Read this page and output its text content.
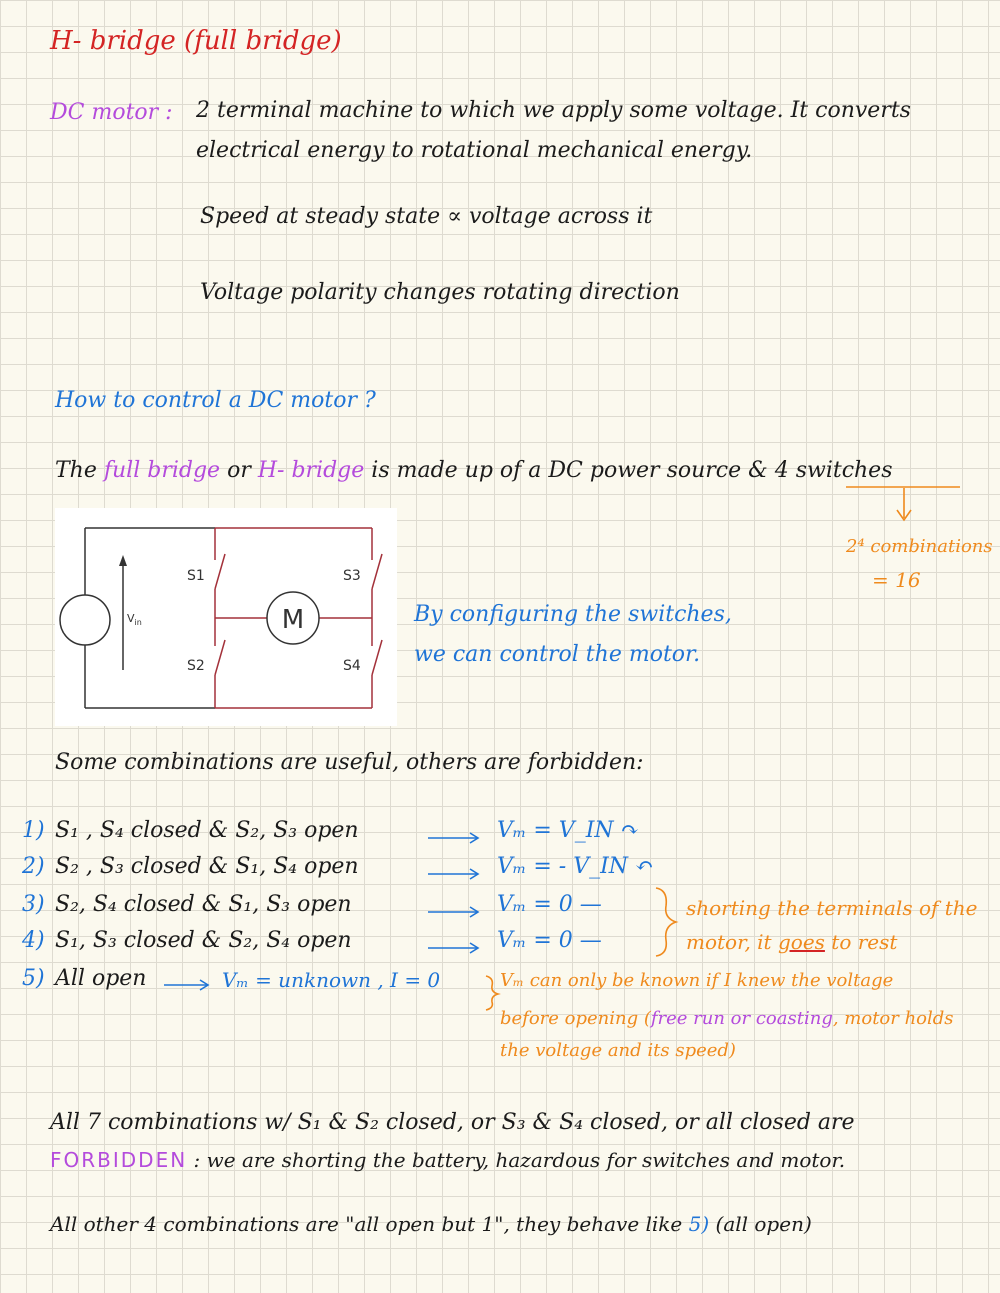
H- bridge (full bridge)
DC motor : 2 terminal machine to which we apply some voltage. It converts
electrical energy to rotational mechanical energy.
Speed at steady state ∝ voltage across it
Voltage polarity changes rotating direction
How to control a DC motor ?
The full bridge or H- bridge is made up of a DC power source & 4 switches
2⁴ combinations
= 16
$V_{in}$	M
S1
S2
S3
S4
By configuring the switches,
we can control the motor.
Some combinations are useful, others are forbidden:
1) S₁ , S₄ closed & S₂, S₃ open	Vₘ = V_IN ↷
2) S₂ , S₃ closed & S₁, S₄ open	Vₘ = - V_IN ↶
3) S₂, S₄ closed & S₁, S₃ open	Vₘ = 0 —
4) S₁, S₃ closed & S₂, S₄ open	Vₘ = 0 —
5) All open	Vₘ = unknown , I = 0
shorting the terminals of the
motor, it goes to rest
Vₘ can only be known if I knew the voltage
before opening (free run or coasting, motor holds
the voltage and its speed)
All 7 combinations w/ S₁ & S₂ closed, or S₃ & S₄ closed, or all closed are
FORBIDDEN : we are shorting the battery, hazardous for switches and motor.
All other 4 combinations are "all open but 1", they behave like 5) (all open)
